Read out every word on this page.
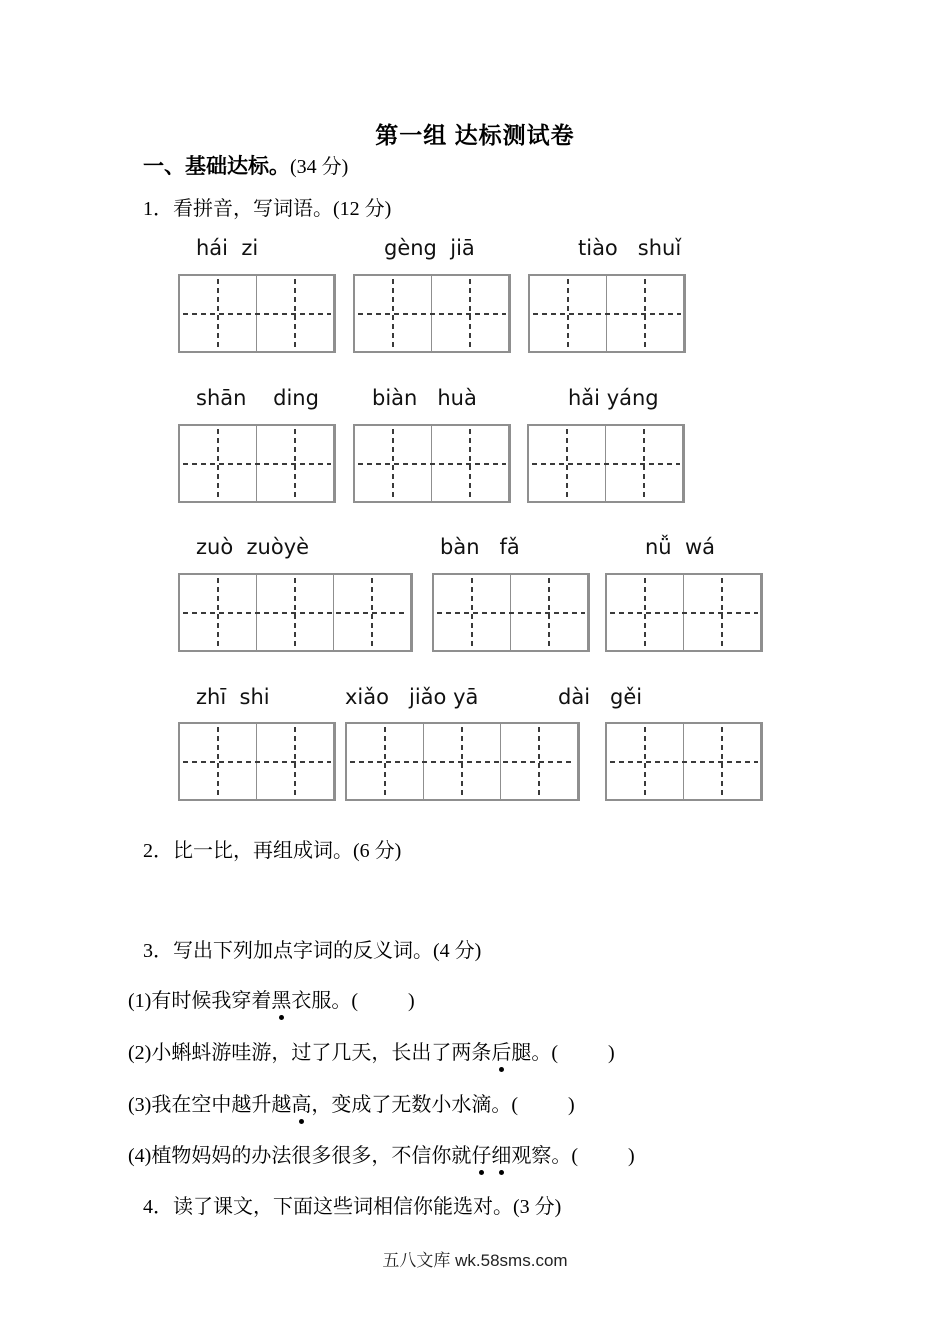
第一组 达标测试卷
一、基础达标。(34 分)
1．看拼音，写词语。(12 分)
hái  zi	gèng  jiā	tiào   shuǐ
shān    ding	biàn   huà	hǎi yáng
zuò  zuòyè	bàn   fǎ	nǚ  wá
zhī  shi	xiǎo   jiǎo yā	dài   gěi
2．比一比，再组成词。(6 分)
3．写出下列加点字词的反义词。(4 分)
(1)有时候我穿着黑
衣服。(          )
(2)小蝌蚪游哇游，过了几天，长出了两条后
腿。(          )
(3)我在空中越升越高
，变成了无数小水滴。(          )
(4)植物妈妈的办法很多很多，不信你就仔
细
观察。(          )
4．读了课文，下面这些词相信你能选对。(3 分)
五八文库 wk.58sms.com
